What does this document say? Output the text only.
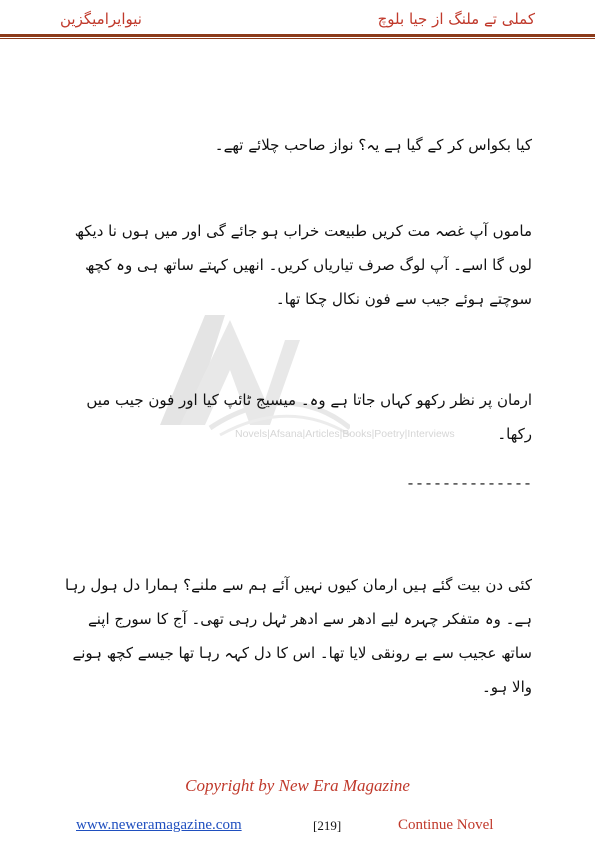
نیوایرامیگزین	کملی تے ملنگ از جیا بلوچ
Novels|Afsana|Articles|Books|Poetry|Interviews
کیا بکواس کر کے گیا ہے یہ؟ نواز صاحب چلائے تھے۔
ماموں آپ غصہ مت کریں طبیعت خراب ہو جائے گی اور میں ہوں نا دیکھ لوں گا اسے۔ آپ لوگ صرف تیاریاں کریں۔ انھیں کہتے ساتھ ہی وہ کچھ سوچتے ہوئے جیب سے فون نکال چکا تھا۔
ارمان پر نظر رکھو کہاں جاتا ہے وہ۔ میسیج ٹائپ کیا اور فون جیب میں رکھا۔
--------------
کئی دن بیت گئے ہیں ارمان کیوں نہیں آئے ہم سے ملنے؟ ہمارا دل ہول رہا ہے۔ وہ متفکر چہرہ لیے ادھر سے ادھر ٹہل رہی تھی۔ آج کا سورج اپنے ساتھ عجیب سے بے رونقی لایا تھا۔ اس کا دل کہہ رہا تھا جیسے کچھ ہونے والا ہو۔
Copyright by New Era Magazine
www.neweramagazine.com	[219]	Continue Novel
